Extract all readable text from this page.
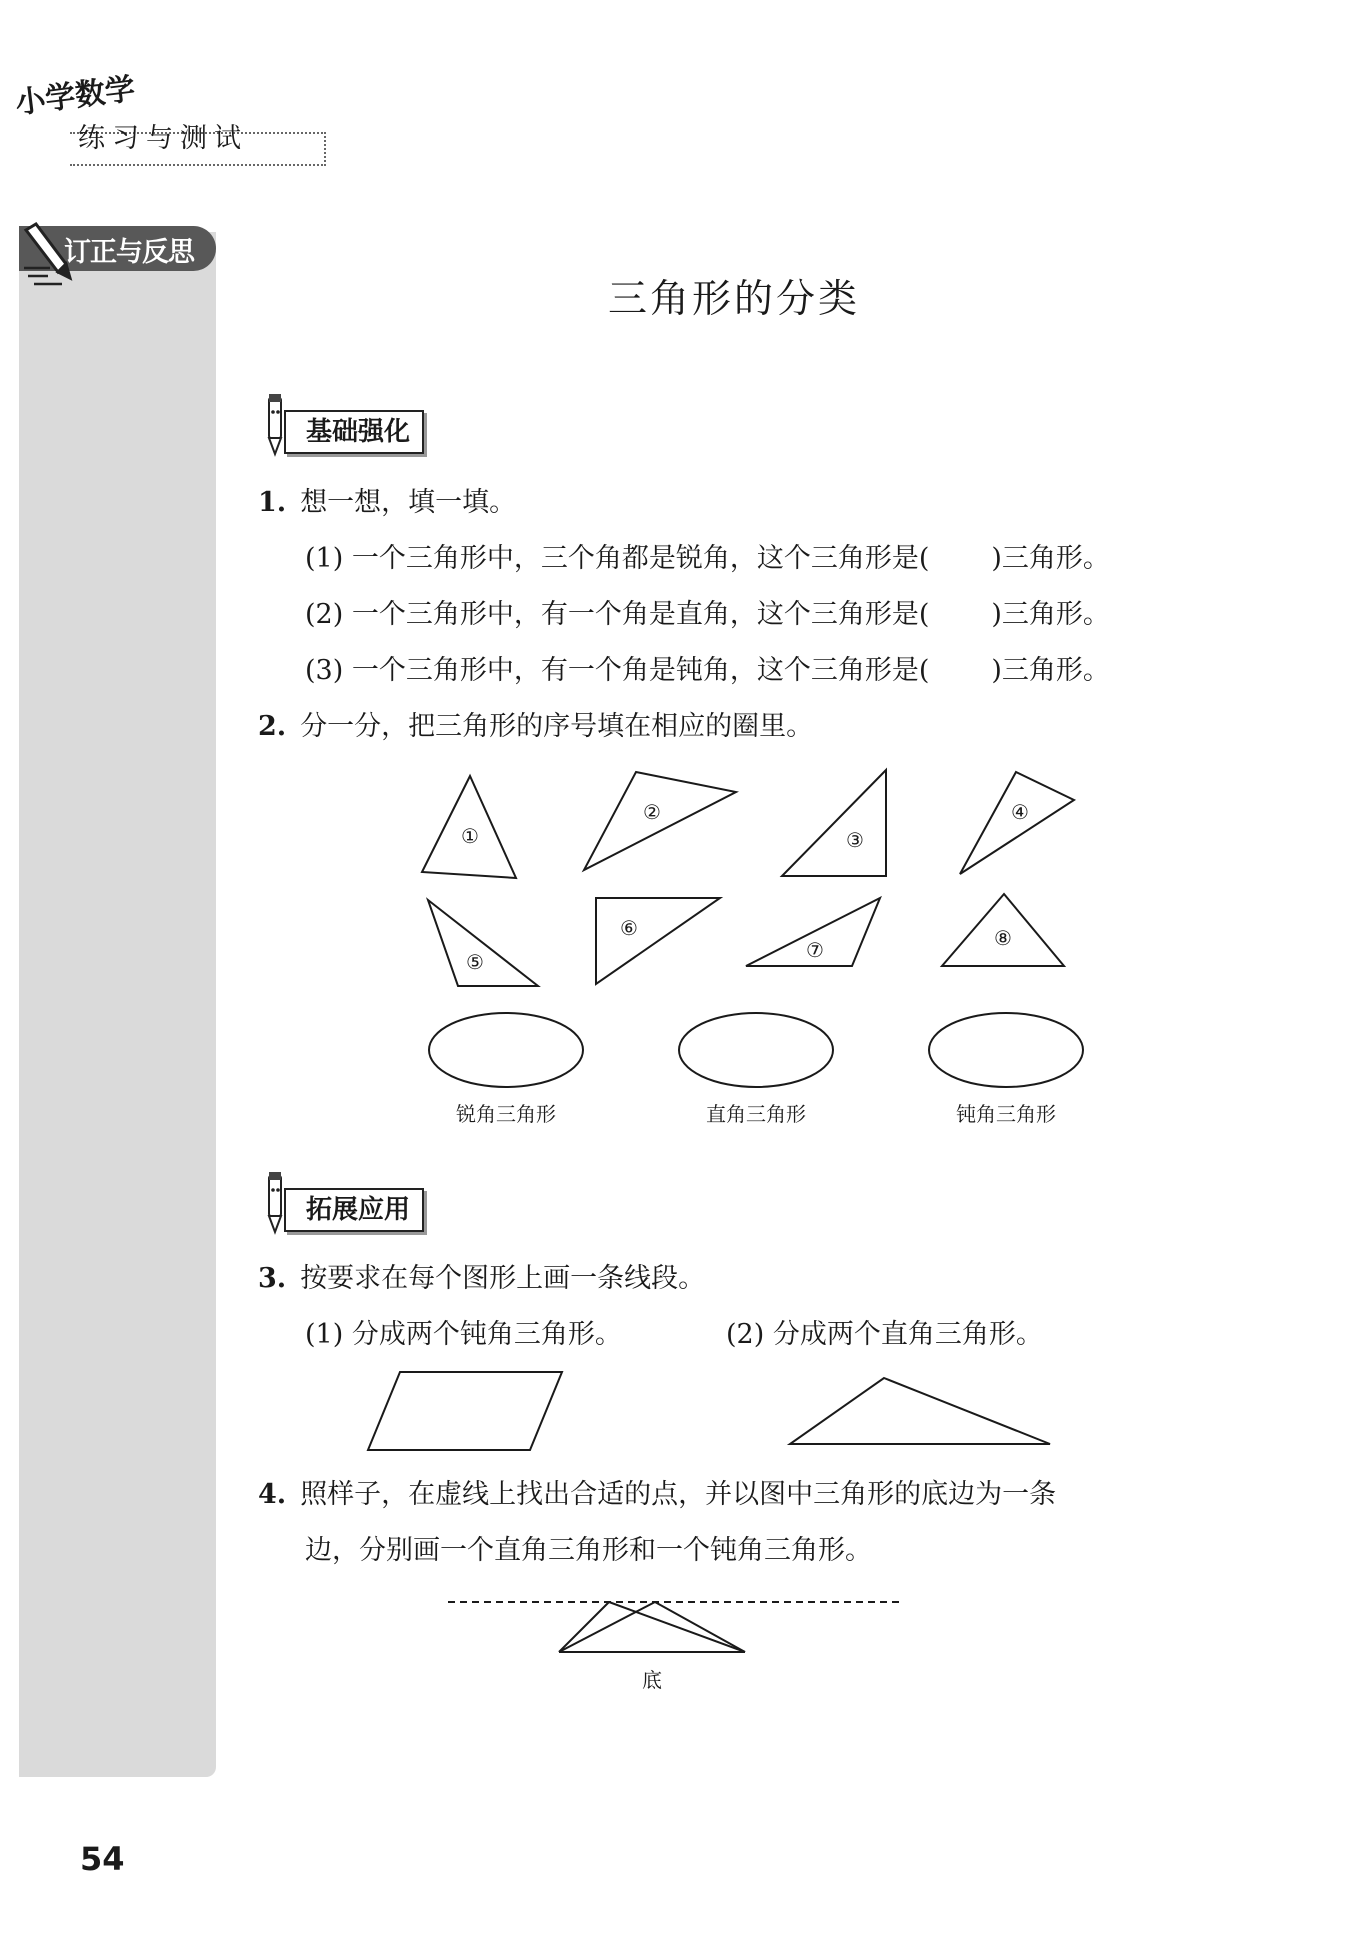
小学数学
练习与测试
订正与反思
三角形的分类
基础强化
1. 想一想，填一填。
(1) 一个三角形中，三个角都是锐角，这个三角形是( )三角形。
(2) 一个三角形中，有一个角是直角，这个三角形是( )三角形。
(3) 一个三角形中，有一个角是钝角，这个三角形是( )三角形。
2. 分一分，把三角形的序号填在相应的圈里。
①
②
③
④
⑤
⑥
⑦	⑧
锐角三角形	直角三角形	钝角三角形
拓展应用
3. 按要求在每个图形上画一条线段。
(1) 分成两个钝角三角形。	(2) 分成两个直角三角形。
4. 照样子，在虚线上找出合适的点，并以图中三角形的底边为一条
边，分别画一个直角三角形和一个钝角三角形。
底
54
